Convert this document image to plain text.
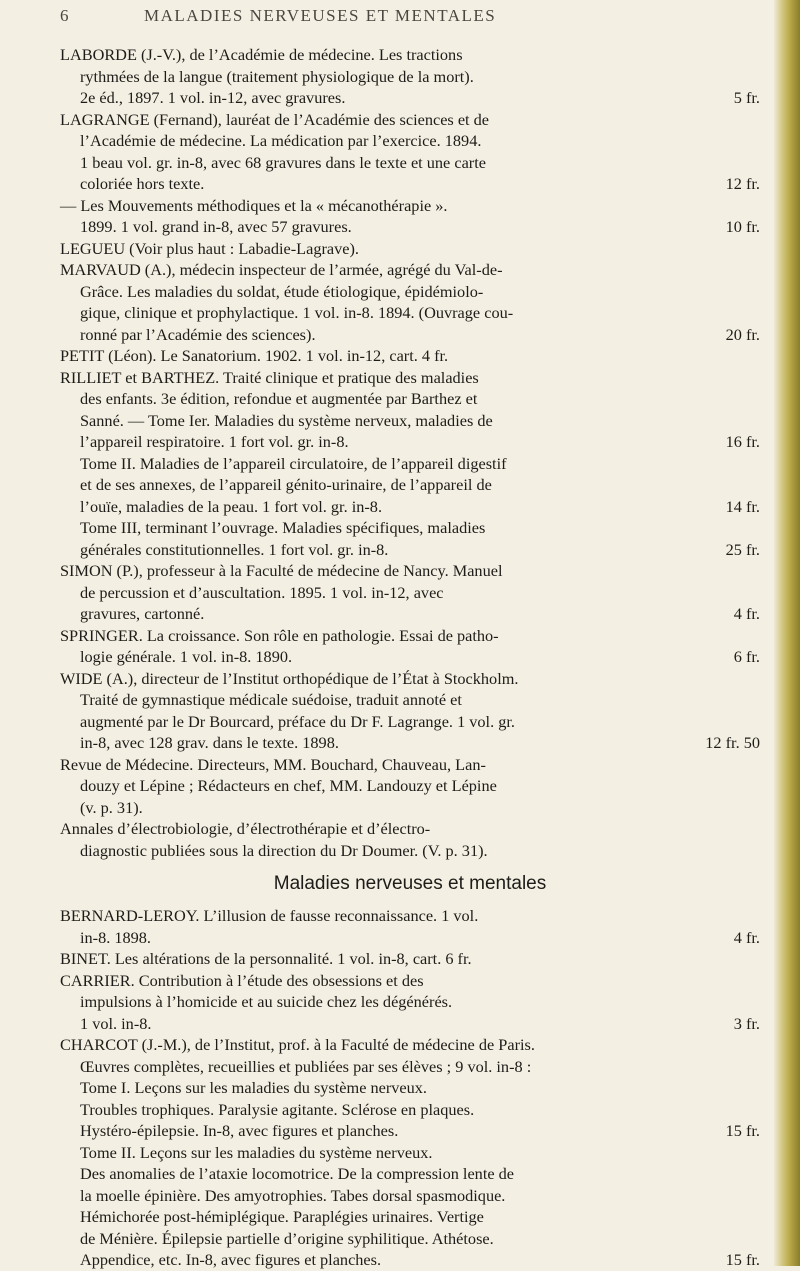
6	MALADIES NERVEUSES ET MENTALES
LABORDE (J.-V.), de l’Académie de médecine. Les tractions
rythmées de la langue (traitement physiologique de la mort).
2e éd., 1897. 1 vol. in-12, avec gravures.	5 fr.
LAGRANGE (Fernand), lauréat de l’Académie des sciences et de
l’Académie de médecine. La médication par l’exercice. 1894.
1 beau vol. gr. in-8, avec 68 gravures dans le texte et une carte
coloriée hors texte.	12 fr.
— Les Mouvements méthodiques et la « mécanothérapie ».
1899. 1 vol. grand in-8, avec 57 gravures.	10 fr.
LEGUEU (Voir plus haut : Labadie-Lagrave).
MARVAUD (A.), médecin inspecteur de l’armée, agrégé du Val-de-
Grâce. Les maladies du soldat, étude étiologique, épidémiolo-
gique, clinique et prophylactique. 1 vol. in-8. 1894. (Ouvrage cou-
ronné par l’Académie des sciences).	20 fr.
PETIT (Léon). Le Sanatorium. 1902. 1 vol. in-12, cart. 4 fr.
RILLIET et BARTHEZ. Traité clinique et pratique des maladies
des enfants. 3e édition, refondue et augmentée par Barthez et
Sanné. — Tome Ier. Maladies du système nerveux, maladies de
l’appareil respiratoire. 1 fort vol. gr. in-8.	16 fr.
Tome II. Maladies de l’appareil circulatoire, de l’appareil digestif
et de ses annexes, de l’appareil génito-urinaire, de l’appareil de
l’ouïe, maladies de la peau. 1 fort vol. gr. in-8.	14 fr.
Tome III, terminant l’ouvrage. Maladies spécifiques, maladies
générales constitutionnelles. 1 fort vol. gr. in-8.	25 fr.
SIMON (P.), professeur à la Faculté de médecine de Nancy. Manuel
de percussion et d’auscultation. 1895. 1 vol. in-12, avec
gravures, cartonné.	4 fr.
SPRINGER. La croissance. Son rôle en pathologie. Essai de patho-
logie générale. 1 vol. in-8. 1890.	6 fr.
WIDE (A.), directeur de l’Institut orthopédique de l’État à Stockholm.
Traité de gymnastique médicale suédoise, traduit annoté et
augmenté par le Dr Bourcard, préface du Dr F. Lagrange. 1 vol. gr.
in-8, avec 128 grav. dans le texte. 1898.	12 fr. 50
Revue de Médecine. Directeurs, MM. Bouchard, Chauveau, Lan-
douzy et Lépine ; Rédacteurs en chef, MM. Landouzy et Lépine
(v. p. 31).
Annales d’électrobiologie, d’électrothérapie et d’électro-
diagnostic publiées sous la direction du Dr Doumer. (V. p. 31).
Maladies nerveuses et mentales
BERNARD-LEROY. L’illusion de fausse reconnaissance. 1 vol.
in-8. 1898.	4 fr.
BINET. Les altérations de la personnalité. 1 vol. in-8, cart. 6 fr.
CARRIER. Contribution à l’étude des obsessions et des
impulsions à l’homicide et au suicide chez les dégénérés.
1 vol. in-8.	3 fr.
CHARCOT (J.-M.), de l’Institut, prof. à la Faculté de médecine de Paris.
Œuvres complètes, recueillies et publiées par ses élèves ; 9 vol. in-8 :
Tome I. Leçons sur les maladies du système nerveux.
Troubles trophiques. Paralysie agitante. Sclérose en plaques.
Hystéro-épilepsie. In-8, avec figures et planches.	15 fr.
Tome II. Leçons sur les maladies du système nerveux.
Des anomalies de l’ataxie locomotrice. De la compression lente de
la moelle épinière. Des amyotrophies. Tabes dorsal spasmodique.
Hémichorée post-hémiplégique. Paraplégies urinaires. Vertige
de Ménière. Épilepsie partielle d’origine syphilitique. Athétose.
Appendice, etc. In-8, avec figures et planches.	15 fr.
